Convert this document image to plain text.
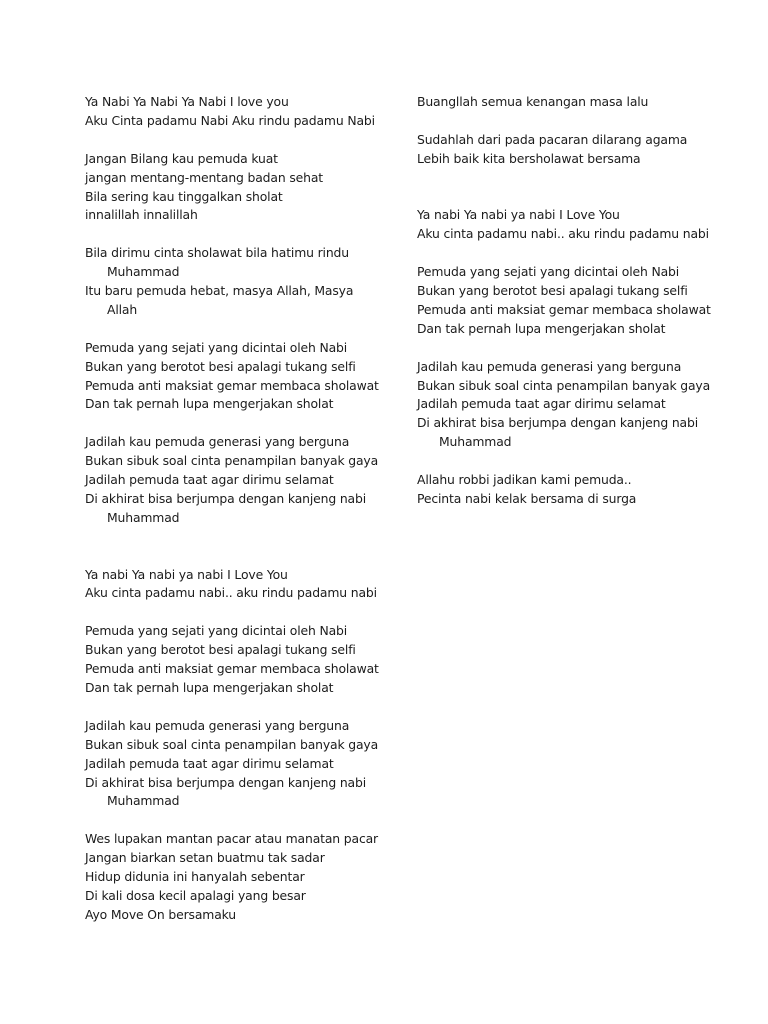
Ya Nabi Ya Nabi Ya Nabi I love you
Aku Cinta padamu Nabi Aku rindu padamu Nabi
Jangan Bilang kau pemuda kuat
jangan mentang-mentang badan sehat
Bila sering kau tinggalkan sholat
innalillah innalillah
Bila dirimu cinta sholawat bila hatimu rindu
Muhammad
Itu baru pemuda hebat, masya Allah, Masya
Allah
Pemuda yang sejati yang dicintai oleh Nabi
Bukan yang berotot besi apalagi tukang selfi
Pemuda anti maksiat gemar membaca sholawat
Dan tak pernah lupa mengerjakan sholat
Jadilah kau pemuda generasi yang berguna
Bukan sibuk soal cinta penampilan banyak gaya
Jadilah pemuda taat agar dirimu selamat
Di akhirat bisa berjumpa dengan kanjeng nabi
Muhammad
Ya nabi Ya nabi ya nabi I Love You
Aku cinta padamu nabi.. aku rindu padamu nabi
Pemuda yang sejati yang dicintai oleh Nabi
Bukan yang berotot besi apalagi tukang selfi
Pemuda anti maksiat gemar membaca sholawat
Dan tak pernah lupa mengerjakan sholat
Jadilah kau pemuda generasi yang berguna
Bukan sibuk soal cinta penampilan banyak gaya
Jadilah pemuda taat agar dirimu selamat
Di akhirat bisa berjumpa dengan kanjeng nabi
Muhammad
Wes lupakan mantan pacar atau manatan pacar
Jangan biarkan setan buatmu tak sadar
Hidup didunia ini hanyalah sebentar
Di kali dosa kecil apalagi yang besar
Ayo Move On bersamaku
Buangllah semua kenangan masa lalu
Sudahlah dari pada pacaran dilarang agama
Lebih baik kita bersholawat bersama
Ya nabi Ya nabi ya nabi I Love You
Aku cinta padamu nabi.. aku rindu padamu nabi
Pemuda yang sejati yang dicintai oleh Nabi
Bukan yang berotot besi apalagi tukang selfi
Pemuda anti maksiat gemar membaca sholawat
Dan tak pernah lupa mengerjakan sholat
Jadilah kau pemuda generasi yang berguna
Bukan sibuk soal cinta penampilan banyak gaya
Jadilah pemuda taat agar dirimu selamat
Di akhirat bisa berjumpa dengan kanjeng nabi
Muhammad
Allahu robbi jadikan kami pemuda..
Pecinta nabi kelak bersama di surga
